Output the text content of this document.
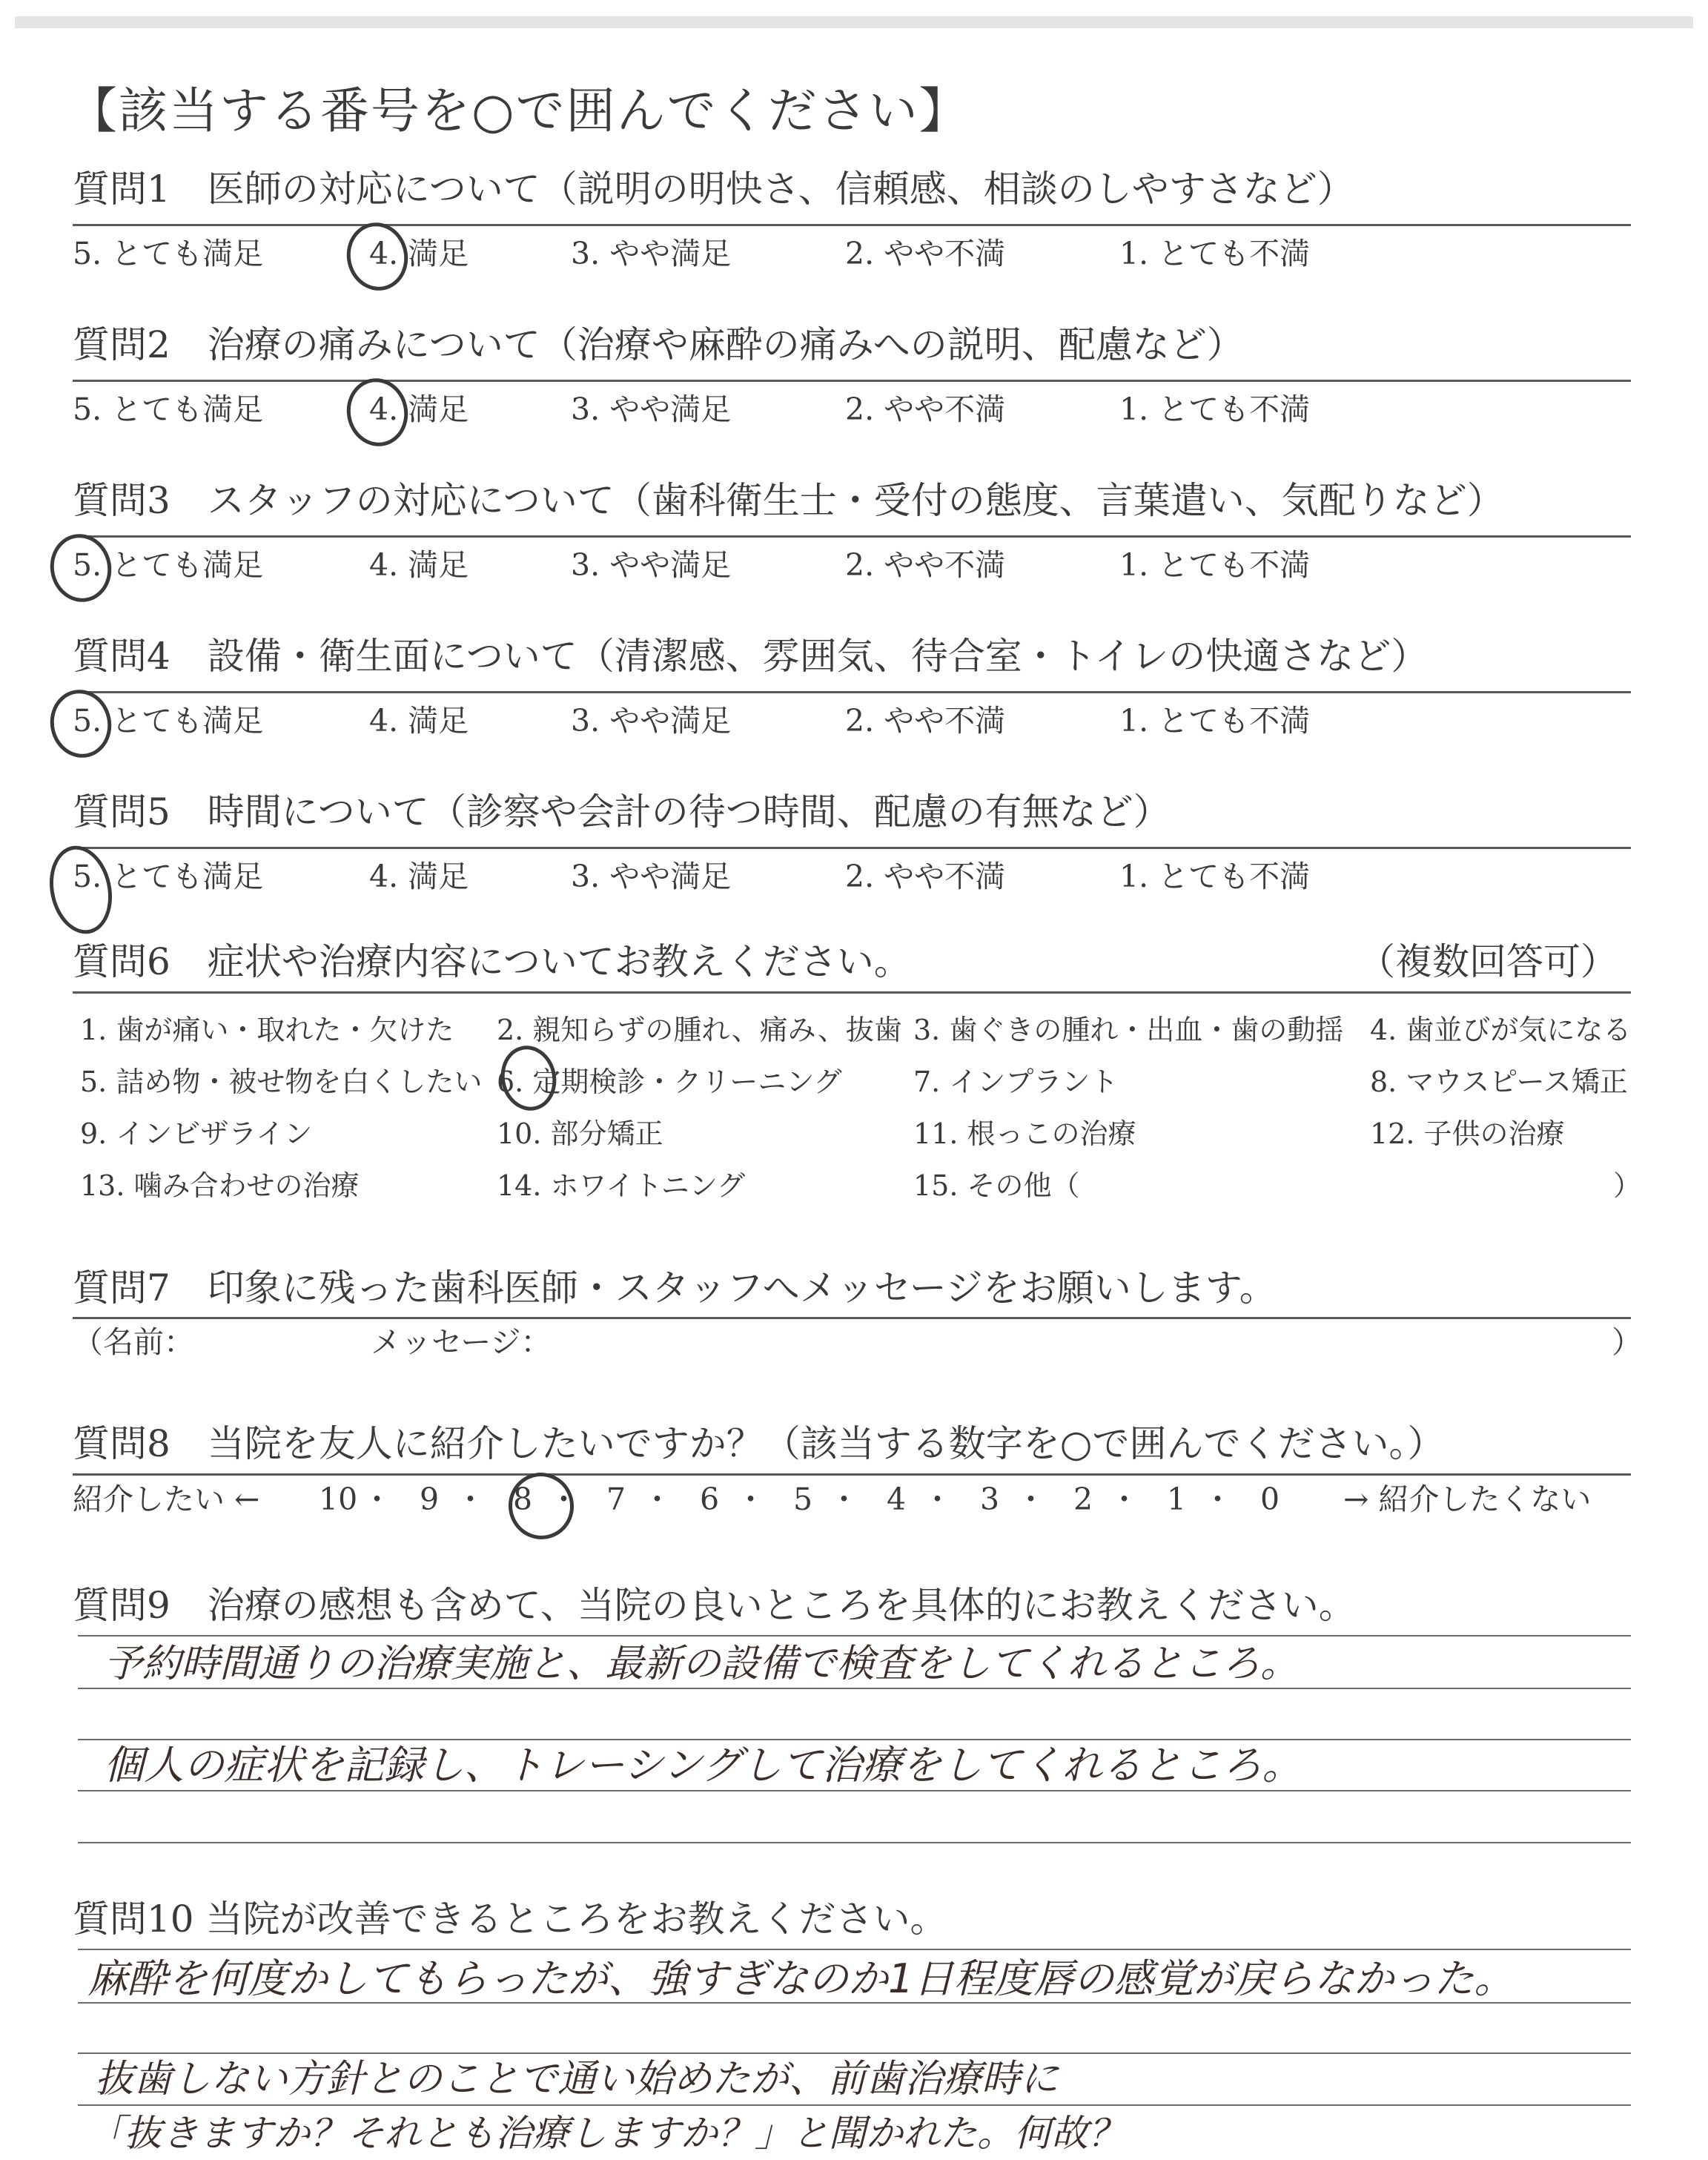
【該当する番号を○で囲んでください】
質問1　医師の対応について（説明の明快さ、信頼感、相談のしやすさなど）
5. とても満足	4. 満足	3. やや満足	2. やや不満	1. とても不満
質問2　治療の痛みについて（治療や麻酔の痛みへの説明、配慮など）
5. とても満足	4. 満足	3. やや満足	2. やや不満	1. とても不満
質問3　スタッフの対応について（歯科衛生士・受付の態度、言葉遣い、気配りなど）
5. とても満足	4. 満足	3. やや満足	2. やや不満	1. とても不満
質問4　設備・衛生面について（清潔感、雰囲気、待合室・トイレの快適さなど）
5. とても満足	4. 満足	3. やや満足	2. やや不満	1. とても不満
質問5　時間について（診察や会計の待つ時間、配慮の有無など）
5. とても満足	4. 満足	3. やや満足	2. やや不満	1. とても不満
質問6　症状や治療内容についてお教えください。	（複数回答可）
1. 歯が痛い・取れた・欠けた 2. 親知らずの腫れ、痛み、抜歯 3. 歯ぐきの腫れ・出血・歯の動揺 4. 歯並びが気になる
5. 詰め物・被せ物を白くしたい 6. 定期検診・クリーニング	7. インプラント	8. マウスピース矯正
9. インビザライン	10. 部分矯正	11. 根っこの治療	12. 子供の治療
13. 噛み合わせの治療	14. ホワイトニング	15. その他（	）
質問7　印象に残った歯科医師・スタッフへメッセージをお願いします。
（名前：	メッセージ：	）
質問8　当院を友人に紹介したいですか？（該当する数字を○で囲んでください。）
紹介したい ← 10 ・ 9 ・ 8 ・ 7 ・ 6 ・ 5 ・ 4 ・ 3 ・ 2 ・ 1 ・ 0 → 紹介したくない
質問9　治療の感想も含めて、当院の良いところを具体的にお教えください。
予約時間通りの治療実施と、最新の設備で検査をしてくれるところ。
個人の症状を記録し、トレーシングして治療をしてくれるところ。
質問10 当院が改善できるところをお教えください。
麻酔を何度かしてもらったが、強すぎなのか1日程度唇の感覚が戻らなかった。
抜歯しない方針とのことで通い始めたが、前歯治療時に
「抜きますか？それとも治療しますか？」と聞かれた。何故？
